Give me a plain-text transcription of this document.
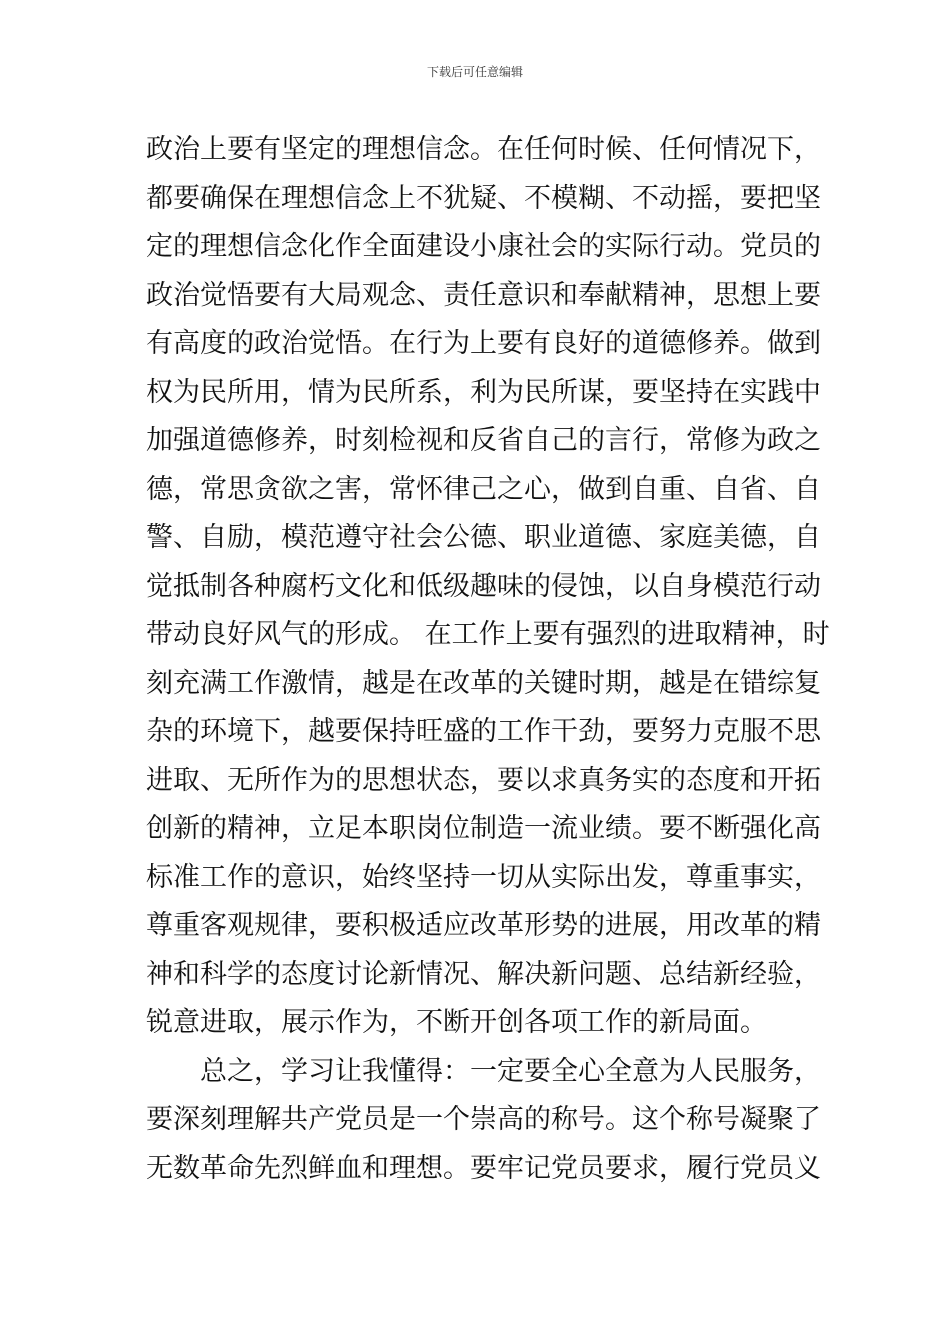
下载后可任意编辑
政治上要有坚定的理想信念。在任何时候、任何情况下，
都要确保在理想信念上不犹疑、不模糊、不动摇，要把坚
定的理想信念化作全面建设小康社会的实际行动。党员的
政治觉悟要有大局观念、责任意识和奉献精神，思想上要
有高度的政治觉悟。在行为上要有良好的道德修养。做到
权为民所用，情为民所系，利为民所谋，要坚持在实践中
加强道德修养，时刻检视和反省自己的言行，常修为政之
德，常思贪欲之害，常怀律己之心，做到自重、自省、自
警、自励，模范遵守社会公德、职业道德、家庭美德，自
觉抵制各种腐朽文化和低级趣味的侵蚀，以自身模范行动
带动良好风气的形成。 在工作上要有强烈的进取精神，时
刻充满工作激情，越是在改革的关键时期，越是在错综复
杂的环境下，越要保持旺盛的工作干劲，要努力克服不思
进取、无所作为的思想状态，要以求真务实的态度和开拓
创新的精神，立足本职岗位制造一流业绩。要不断强化高
标准工作的意识，始终坚持一切从实际出发，尊重事实，
尊重客观规律，要积极适应改革形势的进展，用改革的精
神和科学的态度讨论新情况、解决新问题、总结新经验，
锐意进取，展示作为，不断开创各项工作的新局面。
总之，学习让我懂得：一定要全心全意为人民服务，
要深刻理解共产党员是一个崇高的称号。这个称号凝聚了
无数革命先烈鲜血和理想。要牢记党员要求，履行党员义
